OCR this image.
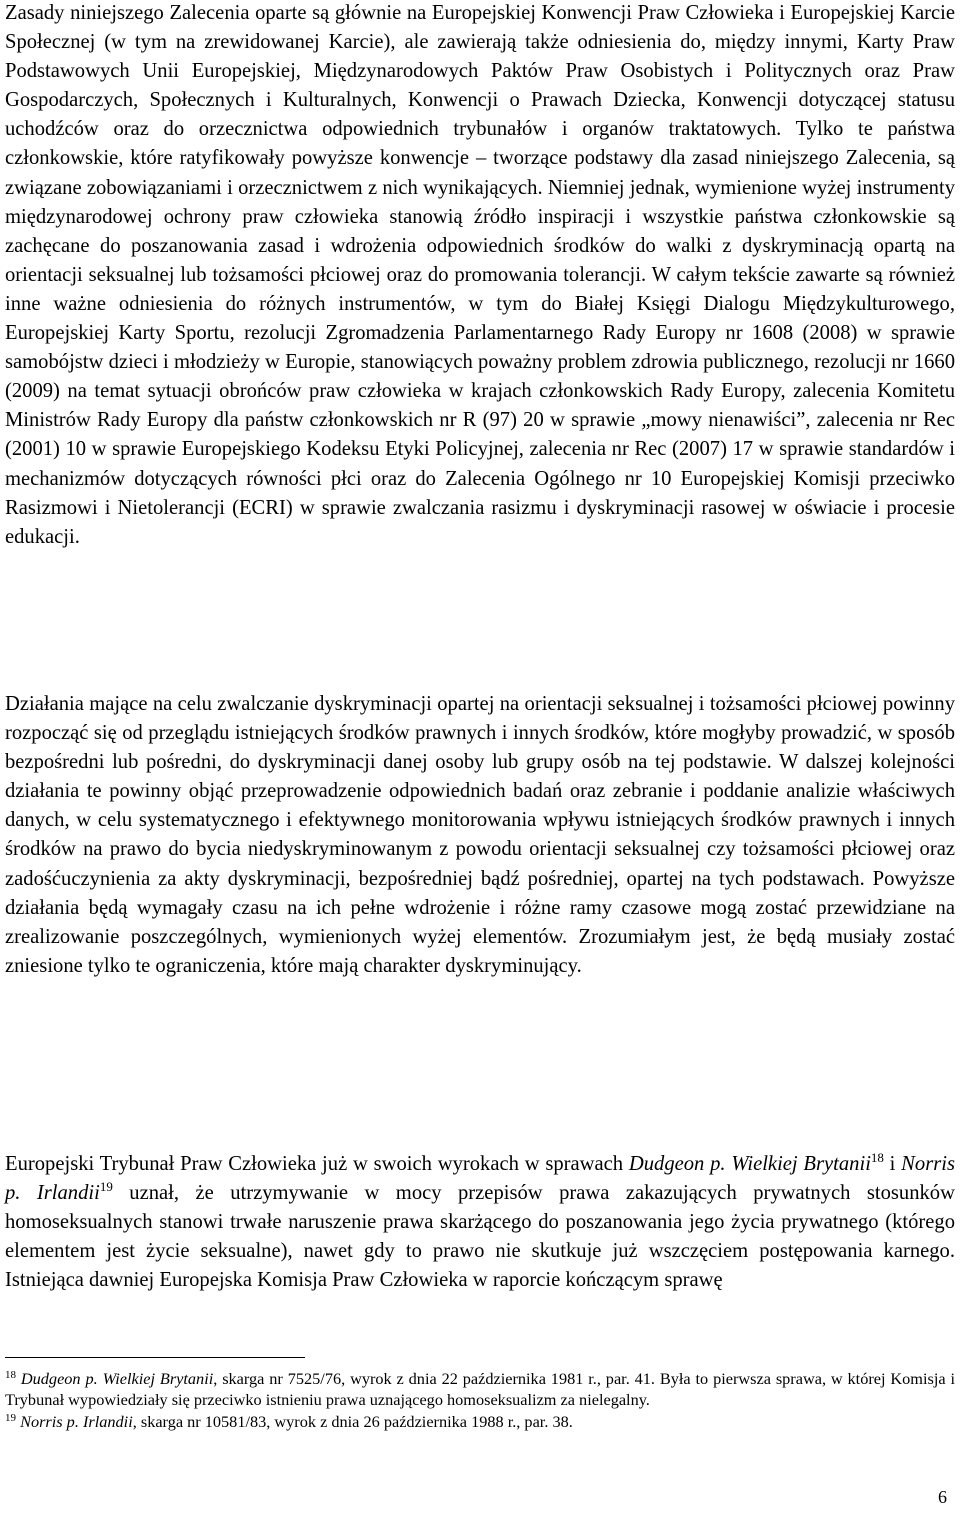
Zasady niniejszego Zalecenia oparte są głównie na Europejskiej Konwencji Praw Człowieka i Europejskiej Karcie Społecznej (w tym na zrewidowanej Karcie), ale zawierają także odniesienia do, między innymi, Karty Praw Podstawowych Unii Europejskiej, Międzynarodowych Paktów Praw Osobistych i Politycznych oraz Praw Gospodarczych, Społecznych i Kulturalnych, Konwencji o Prawach Dziecka, Konwencji dotyczącej statusu uchodźców oraz do orzecznictwa odpowiednich trybunałów i organów traktatowych. Tylko te państwa członkowskie, które ratyfikowały powyższe konwencje – tworzące podstawy dla zasad niniejszego Zalecenia, są związane zobowiązaniami i orzecznictwem z nich wynikających. Niemniej jednak, wymienione wyżej instrumenty międzynarodowej ochrony praw człowieka stanowią źródło inspiracji i wszystkie państwa członkowskie są zachęcane do poszanowania zasad i wdrożenia odpowiednich środków do walki z dyskryminacją opartą na orientacji seksualnej lub tożsamości płciowej oraz do promowania tolerancji. W całym tekście zawarte są również inne ważne odniesienia do różnych instrumentów, w tym do Białej Księgi Dialogu Międzykulturowego, Europejskiej Karty Sportu, rezolucji Zgromadzenia Parlamentarnego Rady Europy nr 1608 (2008) w sprawie samobójstw dzieci i młodzieży w Europie, stanowiących poważny problem zdrowia publicznego, rezolucji nr 1660 (2009) na temat sytuacji obrońców praw człowieka w krajach członkowskich Rady Europy, zalecenia Komitetu Ministrów Rady Europy dla państw członkowskich nr R (97) 20 w sprawie „mowy nienawiści”, zalecenia nr Rec (2001) 10 w sprawie Europejskiego Kodeksu Etyki Policyjnej, zalecenia nr Rec (2007) 17 w sprawie standardów i mechanizmów dotyczących równości płci oraz do Zalecenia Ogólnego nr 10 Europejskiej Komisji przeciwko Rasizmowi i Nietolerancji (ECRI) w sprawie zwalczania rasizmu i dyskryminacji rasowej w oświacie i procesie edukacji.

Działania mające na celu zwalczanie dyskryminacji opartej na orientacji seksualnej i tożsamości płciowej powinny rozpocząć się od przeglądu istniejących środków prawnych i innych środków, które mogłyby prowadzić, w sposób bezpośredni lub pośredni, do dyskryminacji danej osoby lub grupy osób na tej podstawie. W dalszej kolejności działania te powinny objąć przeprowadzenie odpowiednich badań oraz zebranie i poddanie analizie właściwych danych, w celu systematycznego i efektywnego monitorowania wpływu istniejących środków prawnych i innych środków na prawo do bycia niedyskryminowanym z powodu orientacji seksualnej czy tożsamości płciowej oraz zadośćuczynienia za akty dyskryminacji, bezpośredniej bądź pośredniej, opartej na tych podstawach. Powyższe działania będą wymagały czasu na ich pełne wdrożenie i różne ramy czasowe mogą zostać przewidziane na zrealizowanie poszczególnych, wymienionych wyżej elementów. Zrozumiałym jest, że będą musiały zostać zniesione tylko te ograniczenia, które mają charakter dyskryminujący.

Europejski Trybunał Praw Człowieka już w swoich wyrokach w sprawach Dudgeon p. Wielkiej Brytanii$^{18}$ i Norris p. Irlandii$^{19}$ uznał, że utrzymywanie w mocy przepisów prawa zakazujących prywatnych stosunków homoseksualnych stanowi trwałe naruszenie prawa skarżącego do poszanowania jego życia prywatnego (którego elementem jest życie seksualne), nawet gdy to prawo nie skutkuje już wszczęciem postępowania karnego. Istniejąca dawniej Europejska Komisja Praw Człowieka w raporcie kończącym sprawę

$^{18}$ Dudgeon p. Wielkiej Brytanii, skarga nr 7525/76, wyrok z dnia 22 października 1981 r., par. 41. Była to pierwsza sprawa, w której Komisja i Trybunał wypowiedziały się przeciwko istnieniu prawa uznającego homoseksualizm za nielegalny.

$^{19}$ Norris p. Irlandii, skarga nr 10581/83, wyrok z dnia 26 października 1988 r., par. 38.

6
